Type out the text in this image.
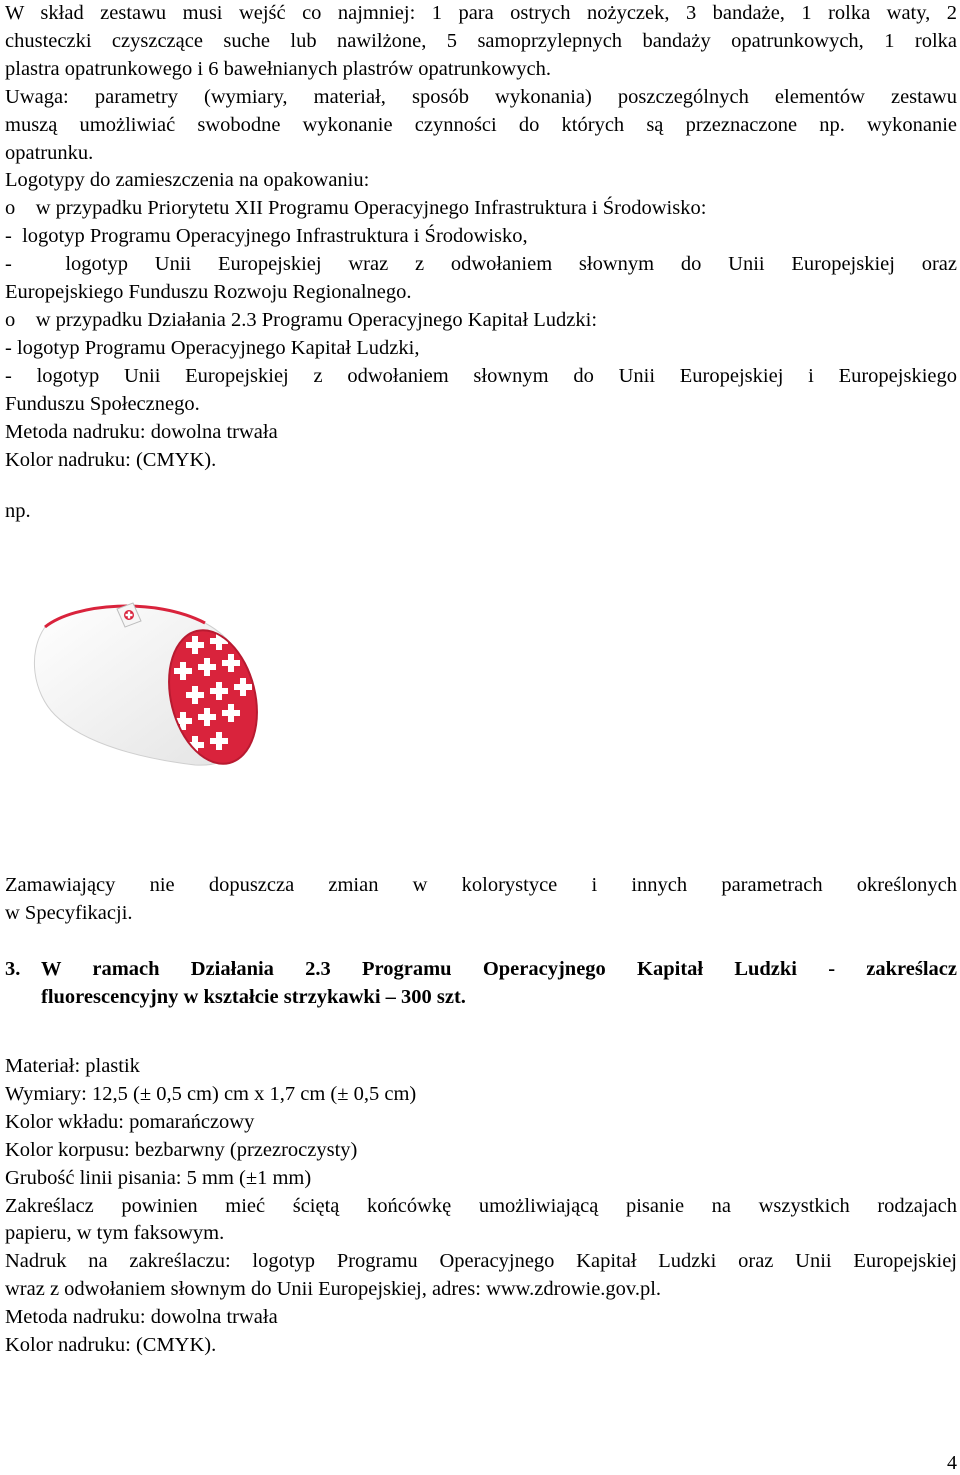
W skład zestawu musi wejść co najmniej: 1 para ostrych nożyczek, 3 bandaże, 1 rolka waty, 2

chusteczki czyszczące suche lub nawilżone, 5 samoprzylepnych bandaży opatrunkowych, 1 rolka

plastra opatrunkowego i 6 bawełnianych plastrów opatrunkowych.

Uwaga: parametry (wymiary, materiał, sposób wykonania) poszczególnych elementów zestawu

muszą umożliwiać swobodne wykonanie czynności do których są przeznaczone np. wykonanie

opatrunku.

Logotypy do zamieszczenia na opakowaniu:

o    w przypadku Priorytetu XII Programu Operacyjnego Infrastruktura i Środowisko:

-  logotyp Programu Operacyjnego Infrastruktura i Środowisko,

-  logotyp Unii Europejskiej wraz z odwołaniem słownym do Unii Europejskiej oraz

Europejskiego Funduszu Rozwoju Regionalnego.

o    w przypadku Działania 2.3 Programu Operacyjnego Kapitał Ludzki:

- logotyp Programu Operacyjnego Kapitał Ludzki,

- logotyp Unii Europejskiej z odwołaniem słownym do Unii Europejskiej i Europejskiego

Funduszu Społecznego.

Metoda nadruku: dowolna trwała

Kolor nadruku: (CMYK).

np.

Zamawiający nie dopuszcza zmian w kolorystyce i innych parametrach określonych

w Specyfikacji.

3. W ramach Działania 2.3 Programu Operacyjnego Kapitał Ludzki - zakreślacz

fluorescencyjny w kształcie strzykawki – 300 szt.

Materiał: plastik

Wymiary: 12,5 (± 0,5 cm) cm x 1,7 cm (± 0,5 cm)

Kolor wkładu: pomarańczowy

Kolor korpusu: bezbarwny (przezroczysty)

Grubość linii pisania: 5 mm (±1 mm)

Zakreślacz powinien mieć ściętą końcówkę umożliwiającą pisanie na wszystkich rodzajach

papieru, w tym faksowym.

Nadruk na zakreślaczu: logotyp Programu Operacyjnego Kapitał Ludzki oraz Unii Europejskiej

wraz z odwołaniem słownym do Unii Europejskiej, adres: www.zdrowie.gov.pl.

Metoda nadruku: dowolna trwała

Kolor nadruku: (CMYK).

4
